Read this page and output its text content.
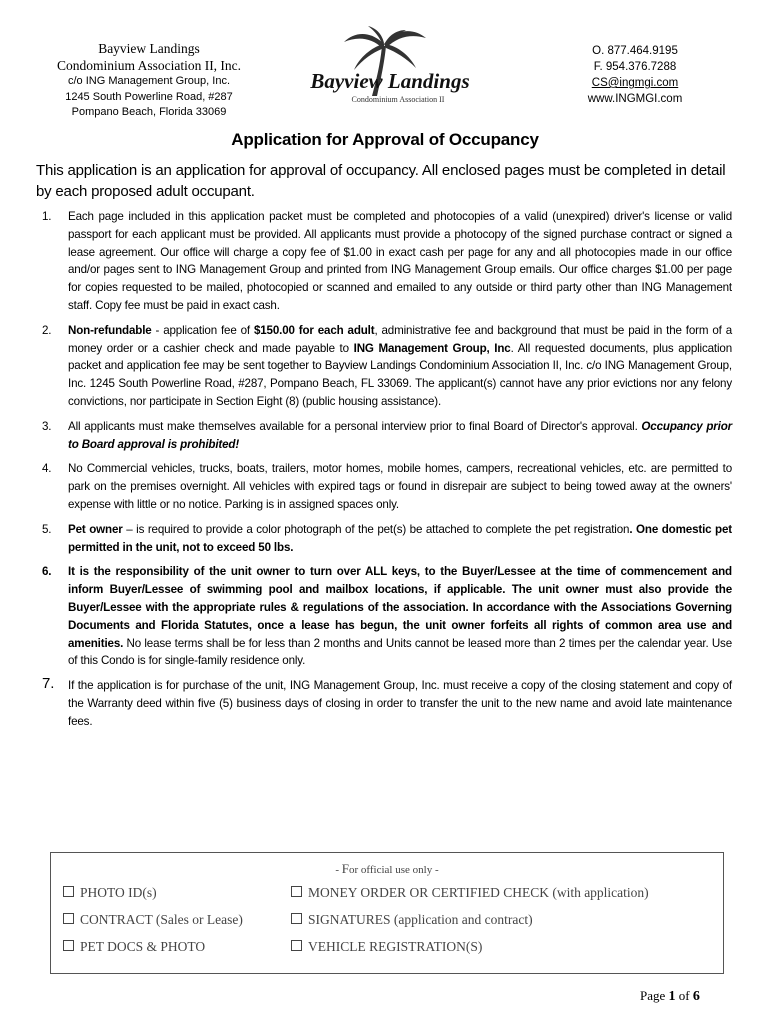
Bayview Landings
Condominium Association II, Inc.
c/o ING Management Group, Inc.
1245 South Powerline Road, #287
Pompano Beach, Florida 33069
Bayview Landings
Condominium Association II
O. 877.464.9195
F. 954.376.7288
CS@ingmgi.com
www.INGMGI.com
Application for Approval of Occupancy
This application is an application for approval of occupancy. All enclosed pages must be completed in detail by each proposed adult occupant.
1. Each page included in this application packet must be completed and photocopies of a valid (unexpired) driver's license or valid passport for each applicant must be provided. All applicants must provide a photocopy of the signed purchase contract or signed a lease agreement. Our office will charge a copy fee of $1.00 in exact cash per page for any and all photocopies made in our office and/or pages sent to ING Management Group and printed from ING Management Group emails. Our office charges $1.00 per page for copies requested to be mailed, photocopied or scanned and emailed to any outside or third party other than ING Management staff. Copy fee must be paid in exact cash.
2. Non-refundable - application fee of $150.00 for each adult, administrative fee and background that must be paid in the form of a money order or a cashier check and made payable to ING Management Group, Inc. All requested documents, plus application packet and application fee may be sent together to Bayview Landings Condominium Association II, Inc. c/o ING Management Group, Inc. 1245 South Powerline Road, #287, Pompano Beach, FL 33069. The applicant(s) cannot have any prior evictions nor any felony convictions, nor participate in Section Eight (8) (public housing assistance).
3. All applicants must make themselves available for a personal interview prior to final Board of Director's approval. Occupancy prior to Board approval is prohibited!
4. No Commercial vehicles, trucks, boats, trailers, motor homes, mobile homes, campers, recreational vehicles, etc. are permitted to park on the premises overnight. All vehicles with expired tags or found in disrepair are subject to being towed away at the owners' expense with little or no notice. Parking is in assigned spaces only.
5. Pet owner – is required to provide a color photograph of the pet(s) be attached to complete the pet registration. One domestic pet permitted in the unit, not to exceed 50 lbs.
6. It is the responsibility of the unit owner to turn over ALL keys, to the Buyer/Lessee at the time of commencement and inform Buyer/Lessee of swimming pool and mailbox locations, if applicable. The unit owner must also provide the Buyer/Lessee with the appropriate rules & regulations of the association. In accordance with the Associations Governing Documents and Florida Statutes, once a lease has begun, the unit owner forfeits all rights of common area use and amenities. No lease terms shall be for less than 2 months and Units cannot be leased more than 2 times per the calendar year. Use of this Condo is for single-family residence only.
7. If the application is for purchase of the unit, ING Management Group, Inc. must receive a copy of the closing statement and copy of the Warranty deed within five (5) business days of closing in order to transfer the unit to the new name and avoid late maintenance fees.
- For official use only -
PHOTO ID(s)
CONTRACT (Sales or Lease)
PET DOCS & PHOTO
MONEY ORDER OR CERTIFIED CHECK (with application)
SIGNATURES (application and contract)
VEHICLE REGISTRATION(S)
Page 1 of 6
